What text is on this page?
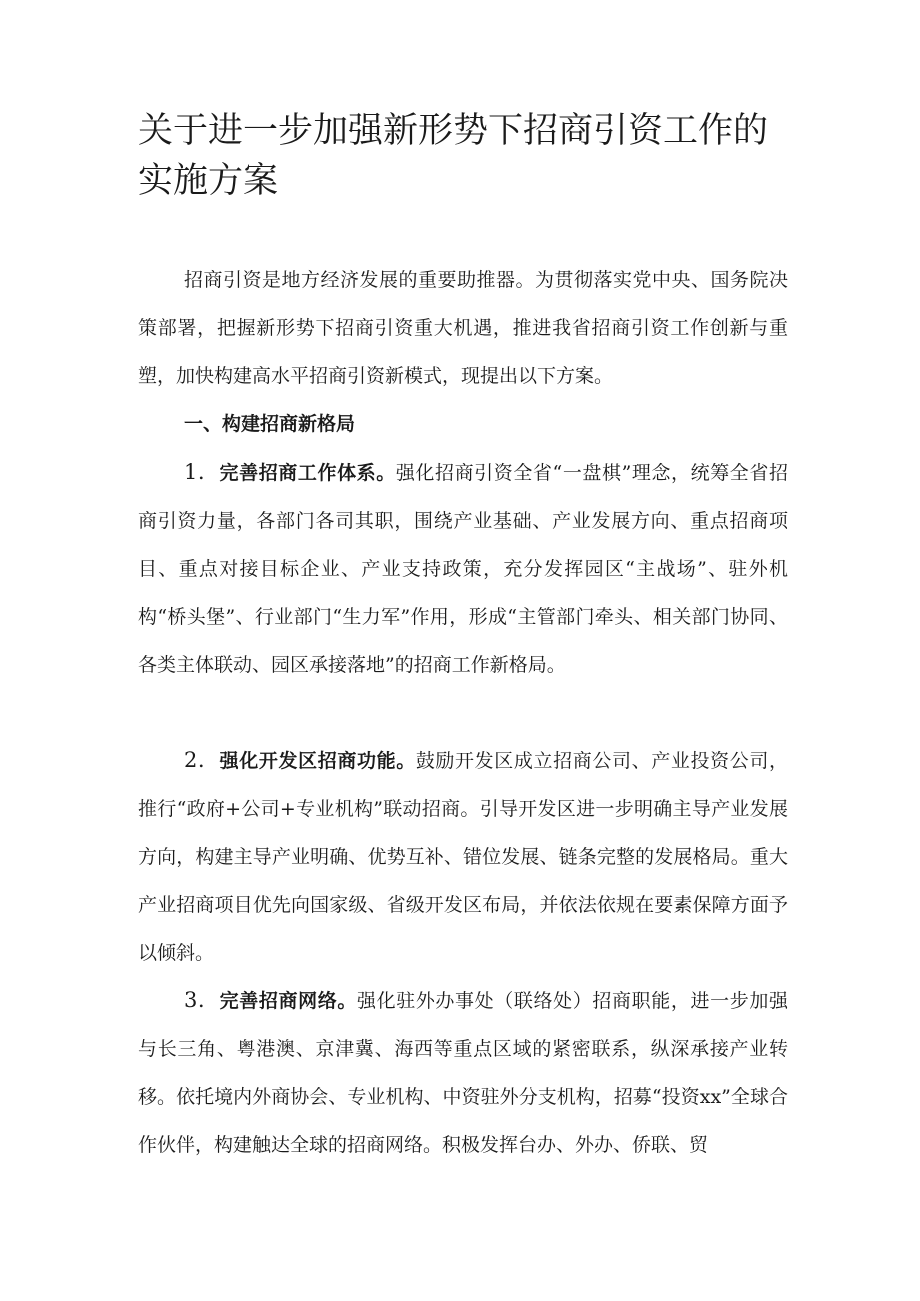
关于进一步加强新形势下招商引资工作的实施方案

招商引资是地方经济发展的重要助推器。为贯彻落实党中央、国务院决策部署，把握新形势下招商引资重大机遇，推进我省招商引资工作创新与重塑，加快构建高水平招商引资新模式，现提出以下方案。

一、构建招商新格局

1．完善招商工作体系。强化招商引资全省“一盘棋”理念，统筹全省招商引资力量，各部门各司其职，围绕产业基础、产业发展方向、重点招商项目、重点对接目标企业、产业支持政策，充分发挥园区“主战场”、驻外机构“桥头堡”、行业部门“生力军”作用，形成“主管部门牵头、相关部门协同、各类主体联动、园区承接落地”的招商工作新格局。

2．强化开发区招商功能。鼓励开发区成立招商公司、产业投资公司，推行“政府+公司+专业机构”联动招商。引导开发区进一步明确主导产业发展方向，构建主导产业明确、优势互补、错位发展、链条完整的发展格局。重大产业招商项目优先向国家级、省级开发区布局，并依法依规在要素保障方面予以倾斜。

3．完善招商网络。强化驻外办事处（联络处）招商职能，进一步加强与长三角、粤港澳、京津冀、海西等重点区域的紧密联系，纵深承接产业转移。依托境内外商协会、专业机构、中资驻外分支机构，招募“投资xx”全球合作伙伴，构建触达全球的招商网络。积极发挥台办、外办、侨联、贸
